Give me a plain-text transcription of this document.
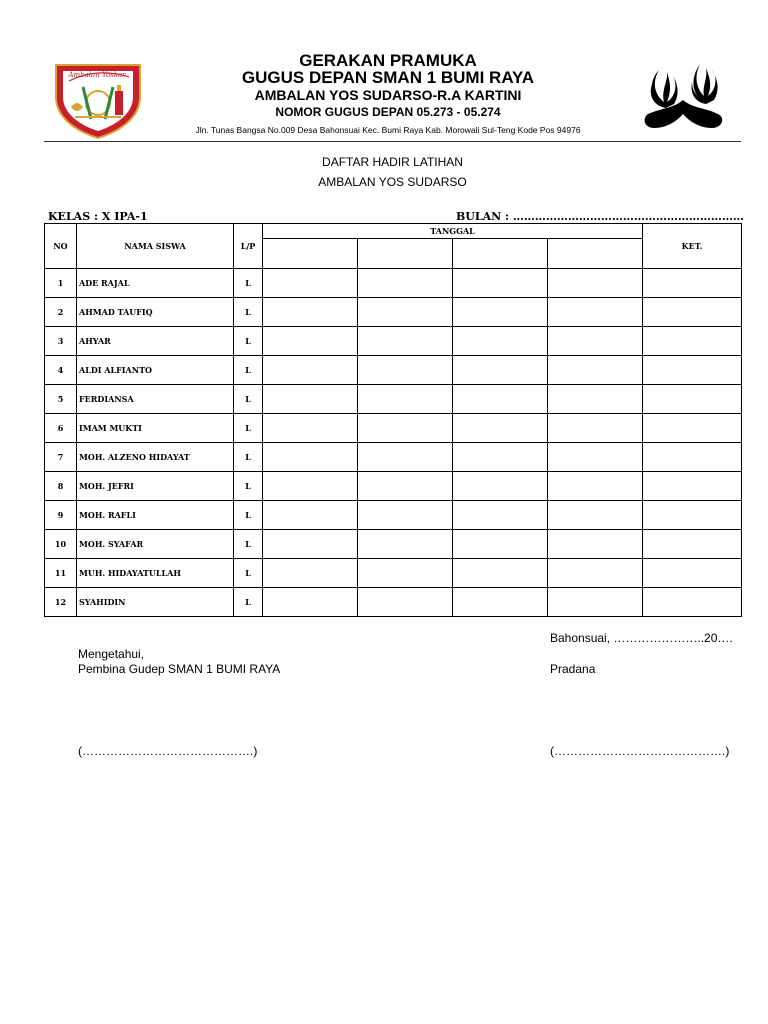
Ambalan Yoskar
GERAKAN PRAMUKA
GUGUS DEPAN SMAN 1 BUMI RAYA
AMBALAN YOS SUDARSO-R.A KARTINI
NOMOR GUGUS DEPAN 05.273 - 05.274
Jln. Tunas Bangsa No.009 Desa Bahonsuai Kec. Bumi Raya Kab. Morowali Sul-Teng Kode Pos 94976
DAFTAR HADIR LATIHAN
AMBALAN YOS SUDARSO
KELAS : X IPA-1	BULAN : ………………………………………………………
NO	NAMA SISWA	L/P	TANGGAL				KET.

1	ADE RAJAL	L					
2	AHMAD TAUFIQ	L					
3	AHYAR	L					
4	ALDI ALFIANTO	L					
5	FERDIANSA	L					
6	IMAM MUKTI	L					
7	MOH. ALZENO HIDAYAT	L					
8	MOH. JEFRI	L					
9	MOH. RAFLI	L					
10	MOH. SYAFAR	L					
11	MUH. HIDAYATULLAH	L					
12	SYAHIDIN	L					
Bahonsuai, …………………..20….
Mengetahui,
Pembina Gudep SMAN 1 BUMI RAYA	Pradana
(…………………………………….)	(…………………………………….)
